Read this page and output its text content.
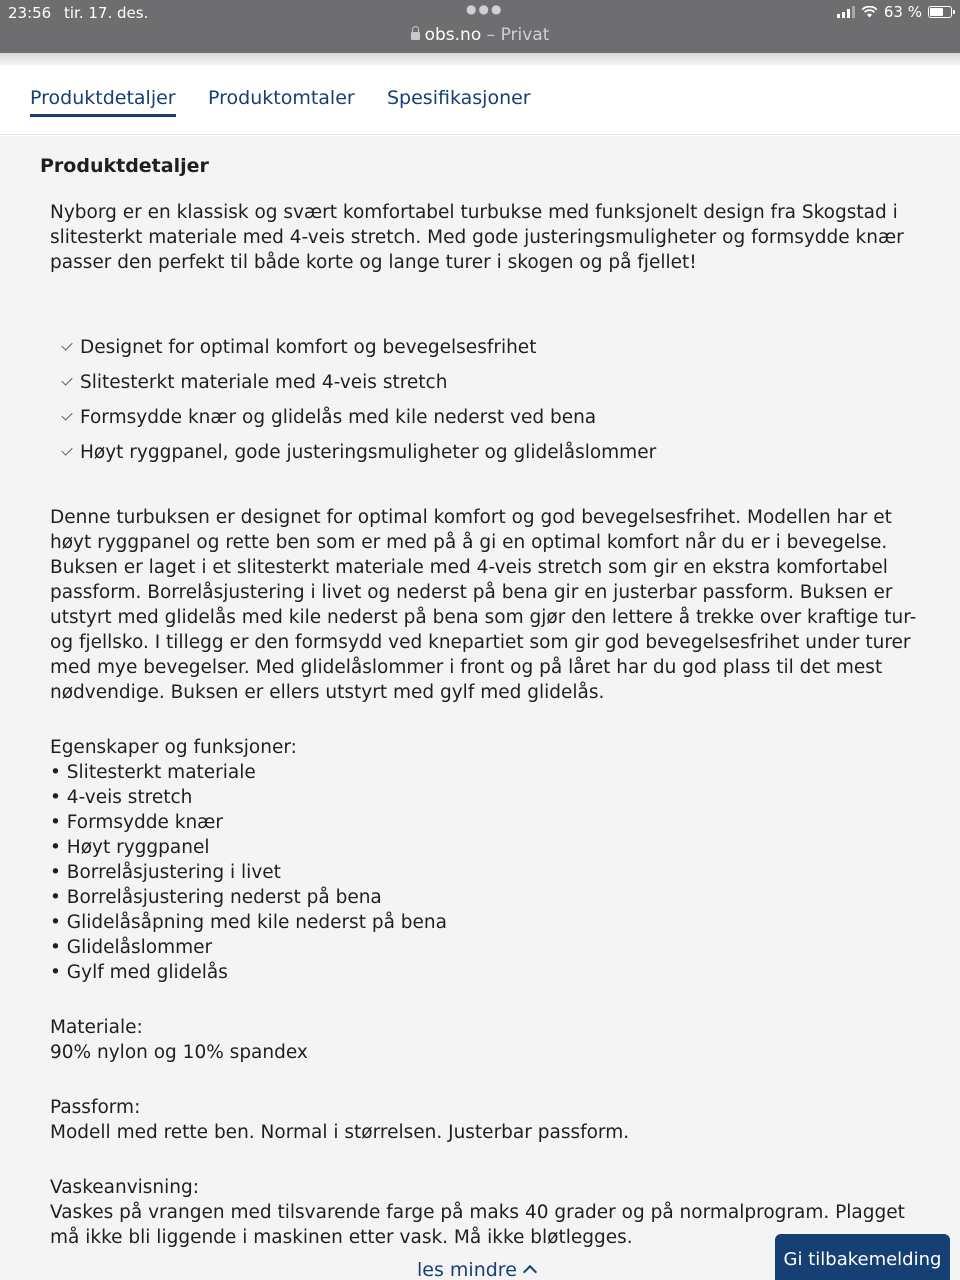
23:56 tir. 17. des.	●●●	63 %
obs.no – Privat
Produktdetaljer Produktomtaler Spesifikasjoner
Produktdetaljer
Nyborg er en klassisk og svært komfortabel turbukse med funksjonelt design fra Skogstad i slitesterkt materiale med 4-veis stretch. Med gode justeringsmuligheter og formsydde knær passer den perfekt til både korte og lange turer i skogen og på fjellet!
Designet for optimal komfort og bevegelsesfrihet
Slitesterkt materiale med 4-veis stretch
Formsydde knær og glidelås med kile nederst ved bena
Høyt ryggpanel, gode justeringsmuligheter og glidelåslommer
Denne turbuksen er designet for optimal komfort og god bevegelsesfrihet. Modellen har et høyt ryggpanel og rette ben som er med på å gi en optimal komfort når du er i bevegelse. Buksen er laget i et slitesterkt materiale med 4-veis stretch som gir en ekstra komfortabel passform. Borrelåsjustering i livet og nederst på bena gir en justerbar passform. Buksen er utstyrt med glidelås med kile nederst på bena som gjør den lettere å trekke over kraftige tur- og fjellsko. I tillegg er den formsydd ved knepartiet som gir god bevegelsesfrihet under turer med mye bevegelser. Med glidelåslommer i front og på låret har du god plass til det mest nødvendige. Buksen er ellers utstyrt med gylf med glidelås.
Egenskaper og funksjoner:
• Slitesterkt materiale
• 4-veis stretch
• Formsydde knær
• Høyt ryggpanel
• Borrelåsjustering i livet
• Borrelåsjustering nederst på bena
• Glidelåsåpning med kile nederst på bena
• Glidelåslommer
• Gylf med glidelås
Materiale:
90% nylon og 10% spandex
Passform:
Modell med rette ben. Normal i størrelsen. Justerbar passform.
Vaskeanvisning:
Vaskes på vrangen med tilsvarende farge på maks 40 grader og på normalprogram. Plagget må ikke bli liggende i maskinen etter vask. Må ikke bløtlegges.
les mindre	Gi tilbakemelding
